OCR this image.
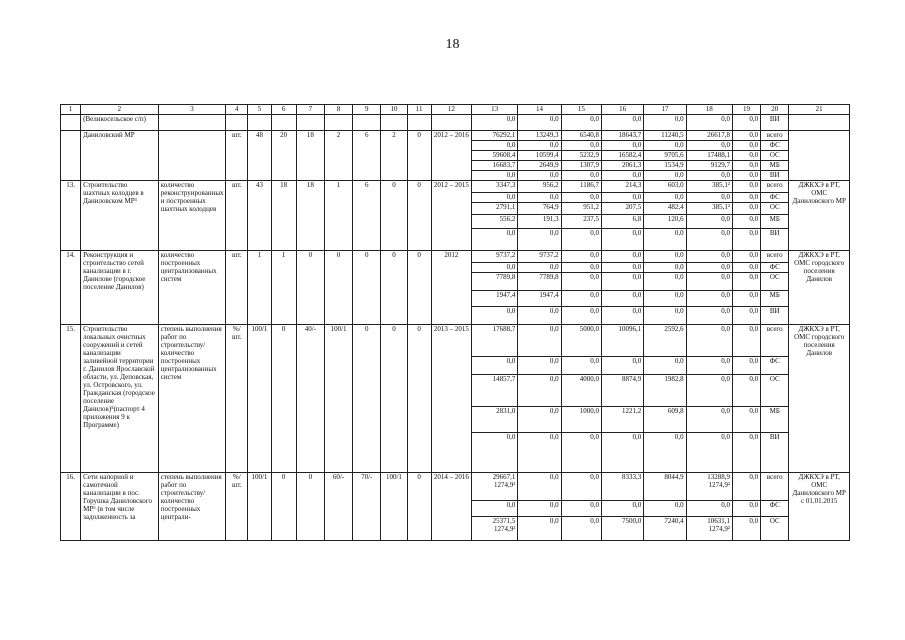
18
1	2	3	4	5	6	7	8	9	10	11	12	13	14	15	16	17	18	19	20	21
	(Великосельское с/п)											0,0	0,0	0,0	0,0	0,0	0,0	0,0	ВИ	
	Даниловский МР		шт.	48	20	18	2	6	2	0	2012 – 2016	76292,1	13249,3	6540,8	18643,7	11240,5	26617,8	0,0	всего	
												0,0	0,0	0,0	0,0	0,0	0,0	0,0	ФС	
												59608,4	10599,4	5232,9	16582,4	9705,6	17488,1	0,0	ОС	
												16683,7	2649,9	1307,9	2061,3	1534,9	9129,7	0,0	МБ	
												0,0	0,0	0,0	0,0	0,0	0,0	0,0	ВИ	
13.	Строительство шахтных колодцев в Даниловском МР³	количество реконструированных и построенных шахтных колодцев	шт.	43	18	18	1	6	0	0	2012 – 2015	3347,3	956,2	1186,7	214,3	603,0	385,1²	0,0	всего	ДЖКХЭ в РТ, ОМС Даниловского МР
												0,0	0,0	0,0	0,0	0,0	0,0	0,0	ФС	
												2791,1	764,9	951,2	207,5	482,4	385,1²	0,0	ОС	
												556,2	191,3	237,5	6,8	120,6	0,0	0,0	МБ	
												0,0	0,0	0,0	0,0	0,0	0,0	0,0	ВИ	
14.	Реконструкция и строительство сетей канализации в г. Данилове (городское поселение Данилов)	количество построенных централизованных систем	шт.	1	1	0	0	0	0	0	2012	9737,2	9737,2	0,0	0,0	0,0	0,0	0,0	всего	ДЖКХЭ в РТ, ОМС городского поселения Данилов
												0,0	0,0	0,0	0,0	0,0	0,0	0,0	ФС	
												7789,8	7789,8	0,0	0,0	0,0	0,0	0,0	ОС	
												1947,4	1947,4	0,0	0,0	0,0	0,0	0,0	МБ	
												0,0	0,0	0,0	0,0	0,0	0,0	0,0	ВИ	
15.	Строительство локальных очистных сооружений и сетей канализации заливейной территории г. Данилов Ярославской области, ул. Деповская, ул. Островского, ул. Гражданская (городское поселение Данилов)⁵(паспорт 4 приложения 9 к Программе)	степень выполнения работ по строительству/ количество построенных централизованных систем	%/ шт.	100/1	0	40/-	100/1	0	0	0	2013 – 2015	17688,7	0,0	5000,0	10096,1	2592,6	0,0	0,0	всего	ДЖКХЭ в РТ, ОМС городского поселения Данилов
												0,0	0,0	0,0	0,0	0,0	0,0	0,0	ФС	
												14857,7	0,0	4000,0	8874,9	1982,8	0,0	0,0	ОС	
												2831,0	0,0	1000,0	1221,2	609,8	0,0	0,0	МБ	
												0,0	0,0	0,0	0,0	0,0	0,0	0,0	ВИ	
16.	Сети напорной и самотечной канализации в пос. Горушка Даниловского МР⁶ (в том числе задолженность за	степень выполнения работ по строительству/ количество построенных централи-	%/ шт.	100/1	0	0	60/-	70/-	100/1	0	2014 – 2016	29667,1 1274,9²	0,0	0,0	8333,3	8044,9	13288,9 1274,9²	0,0	всего	ДЖКХЭ в РТ, ОМС Даниловского МР с 01.01.2015
												0,0	0,0	0,0	0,0	0,0	0,0	0,0	ФС	
												25371,5 1274,9²	0,0	0,0	7500,0	7240,4	10631,1 1274,9²	0,0	ОС	
